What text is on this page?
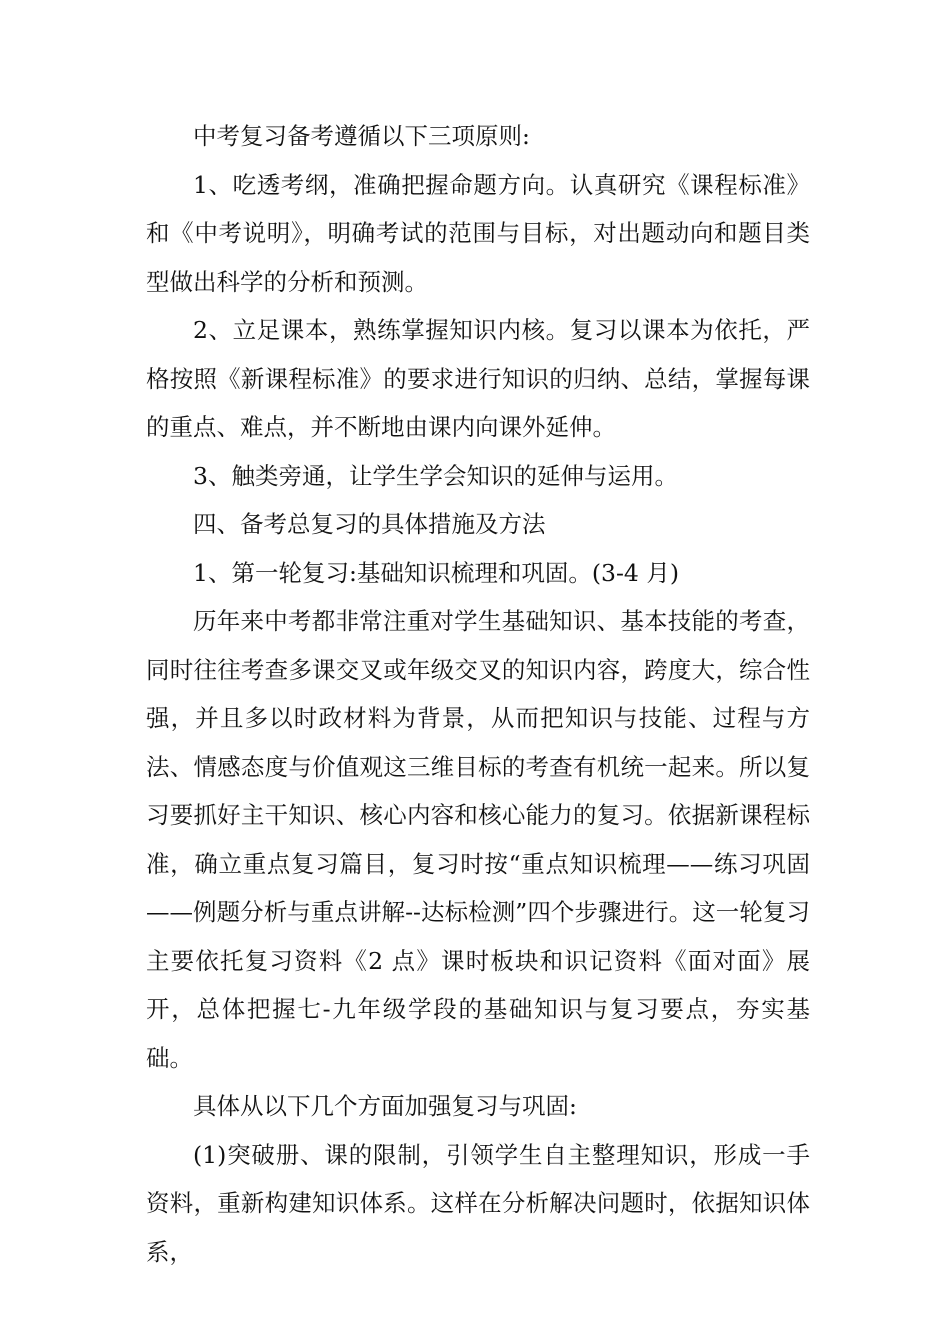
中考复习备考遵循以下三项原则:

1、吃透考纲，准确把握命题方向。认真研究《课程标准》和《中考说明》，明确考试的范围与目标，对出题动向和题目类型做出科学的分析和预测。

2、立足课本，熟练掌握知识内核。复习以课本为依托，严格按照《新课程标准》的要求进行知识的归纳、总结，掌握每课的重点、难点，并不断地由课内向课外延伸。

3、触类旁通，让学生学会知识的延伸与运用。

四、备考总复习的具体措施及方法

1、第一轮复习:基础知识梳理和巩固。(3-4 月)

历年来中考都非常注重对学生基础知识、基本技能的考查，同时往往考查多课交叉或年级交叉的知识内容，跨度大，综合性强，并且多以时政材料为背景，从而把知识与技能、过程与方法、情感态度与价值观这三维目标的考查有机统一起来。所以复习要抓好主干知识、核心内容和核心能力的复习。依据新课程标准，确立重点复习篇目，复习时按“重点知识梳理——练习巩固——例题分析与重点讲解--达标检测”四个步骤进行。这一轮复习主要依托复习资料《2 点》课时板块和识记资料《面对面》展开，总体把握七-九年级学段的基础知识与复习要点，夯实基础。

具体从以下几个方面加强复习与巩固:

(1)突破册、课的限制，引领学生自主整理知识，形成一手资料，重新构建知识体系。这样在分析解决问题时，依据知识体系，
